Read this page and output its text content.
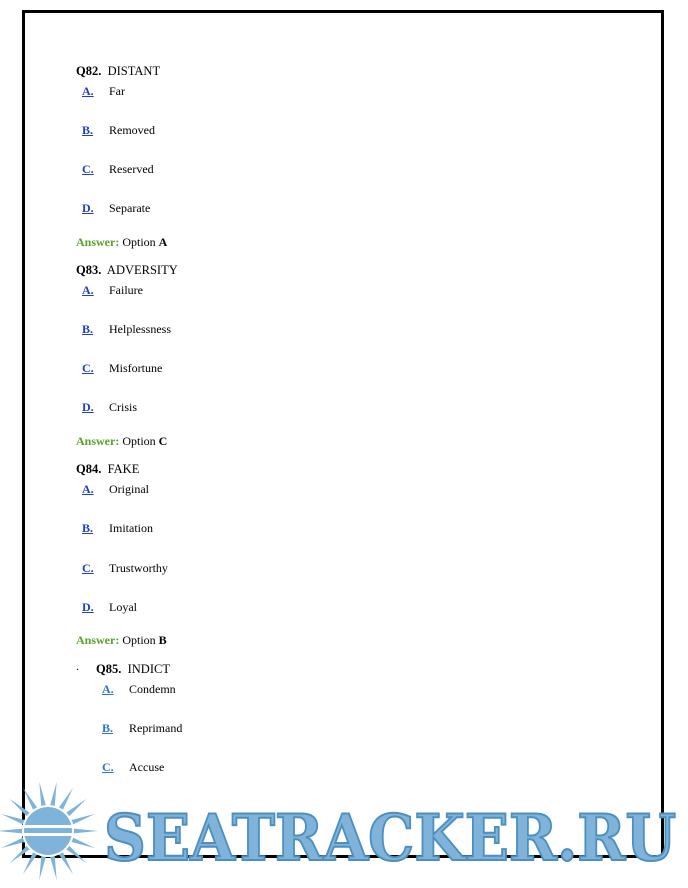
Q82. DISTANT
A. Far
B. Removed
C. Reserved
D. Separate
Answer: Option A
Q83. ADVERSITY
A. Failure
B. Helplessness
C. Misfortune
D. Crisis
Answer: Option C
Q84. FAKE
A. Original
B. Imitation
C. Trustworthy
D. Loyal
Answer: Option B
. Q85. INDICT
A. Condemn
B. Reprimand
C. Accuse
SEATRACKER.RU
